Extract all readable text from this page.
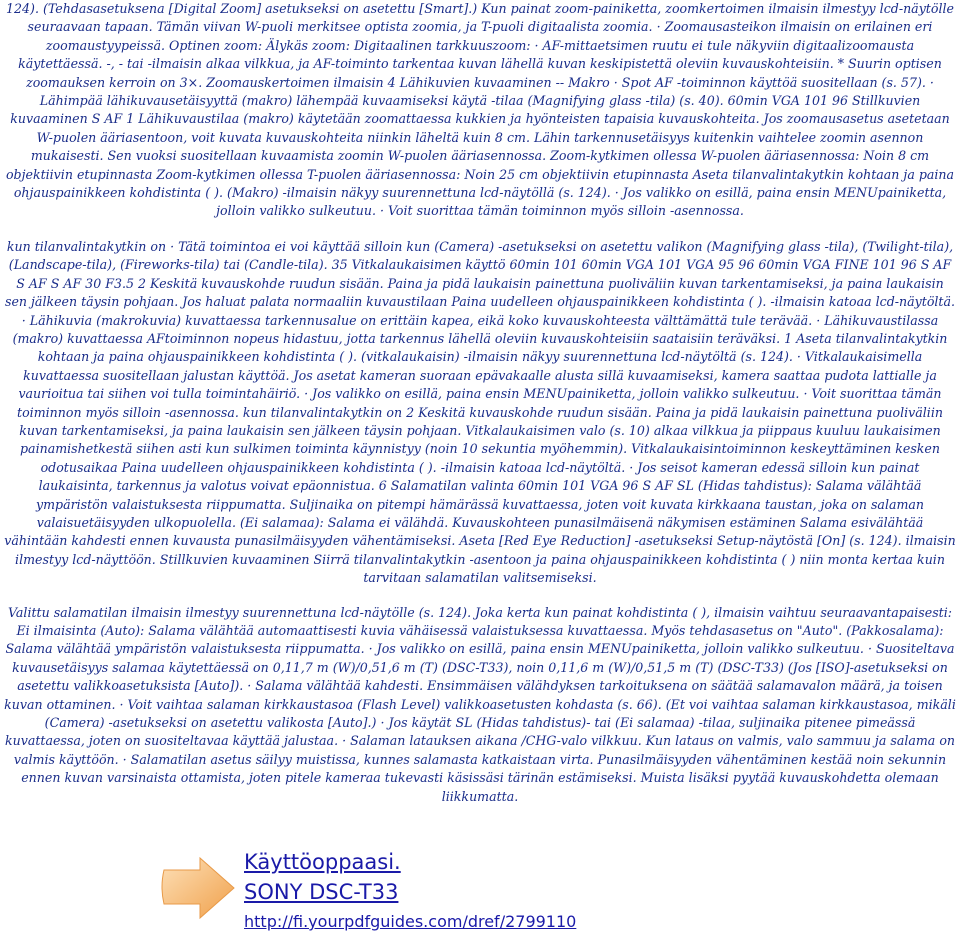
124). (Tehdasasetuksena [Digital Zoom] asetukseksi on asetettu [Smart].) Kun painat zoom-painiketta, zoomkertoimen ilmaisin ilmestyy lcd-näytölle seuraavaan tapaan. Tämän viivan W-puoli merkitsee optista zoomia, ja T-puoli digitaalista zoomia. · Zoomausasteikon ilmaisin on erilainen eri zoomaustyypeissä. Optinen zoom: Älykäs zoom: Digitaalinen tarkkuuszoom: · AF-mittaetsimen ruutu ei tule näkyviin digitaalizoomausta käytettäessä. -, - tai -ilmaisin alkaa vilkkua, ja AF-toiminto tarkentaa kuvan lähellä kuvan keskipistettä oleviin kuvauskohteisiin. * Suurin optisen zoomauksen kerroin on 3×. Zoomauskertoimen ilmaisin 4 Lähikuvien kuvaaminen -- Makro · Spot AF -toiminnon käyttöä suositellaan (s. 57). · Lähimpää lähikuvausetäisyyttä (makro) lähempää kuvaamiseksi käytä -tilaa (Magnifying glass -tila) (s. 40). 60min VGA 101 96 Stillkuvien kuvaaminen S AF 1 Lähikuvaustilaa (makro) käytetään zoomattaessa kukkien ja hyönteisten tapaisia kuvauskohteita. Jos zoomausasetus asetetaan W-puolen ääriasentoon, voit kuvata kuvauskohteita niinkin läheltä kuin 8 cm. Lähin tarkennusetäisyys kuitenkin vaihtelee zoomin asennon mukaisesti. Sen vuoksi suositellaan kuvaamista zoomin W-puolen ääriasennossa. Zoom-kytkimen ollessa W-puolen ääriasennossa: Noin 8 cm objektiivin etupinnasta Zoom-kytkimen ollessa T-puolen ääriasennossa: Noin 25 cm objektiivin etupinnasta Aseta tilanvalintakytkin kohtaan ja paina ohjauspainikkeen kohdistinta ( ). (Makro) -ilmaisin näkyy suurennettuna lcd-näytöllä (s. 124). · Jos valikko on esillä, paina ensin MENUpainiketta, jolloin valikko sulkeutuu. · Voit suorittaa tämän toiminnon myös silloin -asennossa.

kun tilanvalintakytkin on · Tätä toimintoa ei voi käyttää silloin kun (Camera) -asetukseksi on asetettu valikon (Magnifying glass -tila), (Twilight-tila), (Landscape-tila), (Fireworks-tila) tai (Candle-tila). 35 Vitkalaukaisimen käyttö 60min 101 60min VGA 101 VGA 95 96 60min VGA FINE 101 96 S AF S AF S AF 30 F3.5 2 Keskitä kuvauskohde ruudun sisään. Paina ja pidä laukaisin painettuna puoliväliin kuvan tarkentamiseksi, ja paina laukaisin sen jälkeen täysin pohjaan. Jos haluat palata normaaliin kuvaustilaan Paina uudelleen ohjauspainikkeen kohdistinta ( ). -ilmaisin katoaa lcd-näytöltä. · Lähikuvia (makrokuvia) kuvattaessa tarkennusalue on erittäin kapea, eikä koko kuvauskohteesta välttämättä tule terävää. · Lähikuvaustilassa (makro) kuvattaessa AFtoiminnon nopeus hidastuu, jotta tarkennus lähellä oleviin kuvauskohteisiin saataisiin teräväksi. 1 Aseta tilanvalintakytkin kohtaan ja paina ohjauspainikkeen kohdistinta ( ). (vitkalaukaisin) -ilmaisin näkyy suurennettuna lcd-näytöltä (s. 124). · Vitkalaukaisimella kuvattaessa suositellaan jalustan käyttöä. Jos asetat kameran suoraan epävakaalle alusta sillä kuvaamiseksi, kamera saattaa pudota lattialle ja vaurioitua tai siihen voi tulla toimintahäiriö. · Jos valikko on esillä, paina ensin MENUpainiketta, jolloin valikko sulkeutuu. · Voit suorittaa tämän toiminnon myös silloin -asennossa. kun tilanvalintakytkin on 2 Keskitä kuvauskohde ruudun sisään. Paina ja pidä laukaisin painettuna puoliväliin kuvan tarkentamiseksi, ja paina laukaisin sen jälkeen täysin pohjaan. Vitkalaukaisimen valo (s. 10) alkaa vilkkua ja piippaus kuuluu laukaisimen painamishetkestä siihen asti kun sulkimen toiminta käynnistyy (noin 10 sekuntia myöhemmin). Vitkalaukaisintoiminnon keskeyttäminen kesken odotusaikaa Paina uudelleen ohjauspainikkeen kohdistinta ( ). -ilmaisin katoaa lcd-näytöltä. · Jos seisot kameran edessä silloin kun painat laukaisinta, tarkennus ja valotus voivat epäonnistua. 6 Salamatilan valinta 60min 101 VGA 96 S AF SL (Hidas tahdistus): Salama välähtää ympäristön valaistuksesta riippumatta. Suljinaika on pitempi hämärässä kuvattaessa, joten voit kuvata kirkkaana taustan, joka on salaman valaisuetäisyyden ulkopuolella. (Ei salamaa): Salama ei välähdä. Kuvauskohteen punasilmäisenä näkymisen estäminen Salama esivälähtää vähintään kahdesti ennen kuvausta punasilmäisyyden vähentämiseksi. Aseta [Red Eye Reduction] -asetukseksi Setup-näytöstä [On] (s. 124). ilmaisin ilmestyy lcd-näyttöön. Stillkuvien kuvaaminen Siirrä tilanvalintakytkin -asentoon ja paina ohjauspainikkeen kohdistinta ( ) niin monta kertaa kuin tarvitaan salamatilan valitsemiseksi.

Valittu salamatilan ilmaisin ilmestyy suurennettuna lcd-näytölle (s. 124). Joka kerta kun painat kohdistinta ( ), ilmaisin vaihtuu seuraavantapaisesti: Ei ilmaisinta (Auto): Salama välähtää automaattisesti kuvia vähäisessä valaistuksessa kuvattaessa. Myös tehdasasetus on "Auto". (Pakkosalama): Salama välähtää ympäristön valaistuksesta riippumatta. · Jos valikko on esillä, paina ensin MENUpainiketta, jolloin valikko sulkeutuu. · Suositeltava kuvausetäisyys salamaa käytettäessä on 0,11,7 m (W)/0,51,6 m (T) (DSC-T33), noin 0,11,6 m (W)/0,51,5 m (T) (DSC-T33) (Jos [ISO]-asetukseksi on asetettu valikkoasetuksista [Auto]). · Salama välähtää kahdesti. Ensimmäisen välähdyksen tarkoituksena on säätää salamavalon määrä, ja toisen kuvan ottaminen. · Voit vaihtaa salaman kirkkaustasoa (Flash Level) valikkoasetusten kohdasta (s. 66). (Et voi vaihtaa salaman kirkkaustasoa, mikäli (Camera) -asetukseksi on asetettu valikosta [Auto].) · Jos käytät SL (Hidas tahdistus)- tai (Ei salamaa) -tilaa, suljinaika pitenee pimeässä kuvattaessa, joten on suositeltavaa käyttää jalustaa. · Salaman latauksen aikana /CHG-valo vilkkuu. Kun lataus on valmis, valo sammuu ja salama on valmis käyttöön. · Salamatilan asetus säilyy muistissa, kunnes salamasta katkaistaan virta. Punasilmäisyyden vähentäminen kestää noin sekunnin ennen kuvan varsinaista ottamista, joten pitele kameraa tukevasti käsissäsi tärinän estämiseksi. Muista lisäksi pyytää kuvauskohdetta olemaan liikkumatta.

Käyttöoppaasi.
SONY DSC-T33
http://fi.yourpdfguides.com/dref/2799110
